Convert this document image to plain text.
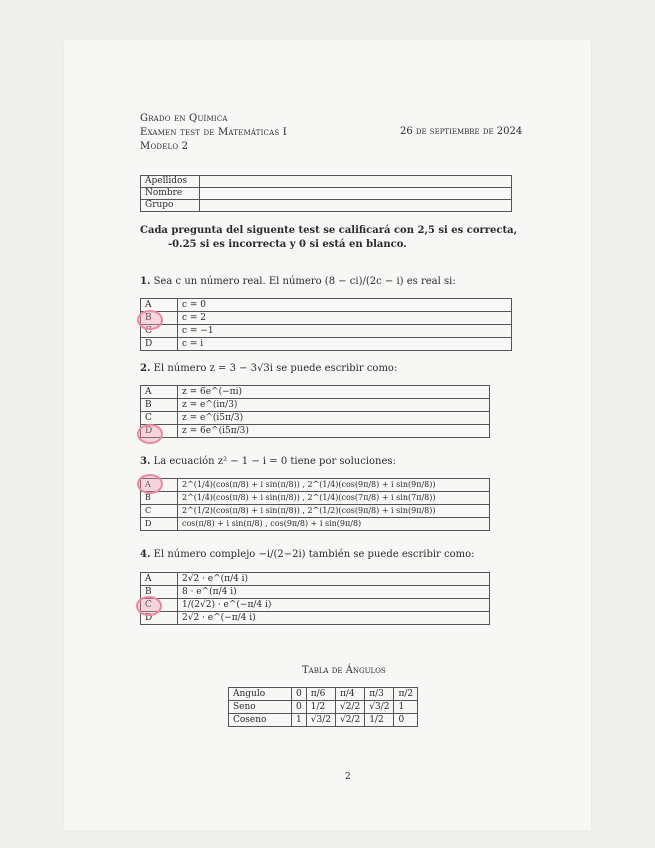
Grado en Química
Examen test de Matemáticas I
Modelo 2
26 de septiembre de 2024
Apellidos	
Nombre	
Grupo	
Cada pregunta del siguente test se calificará con 2,5 si es correcta,
-0.25 si es incorrecta y 0 si está en blanco.
1. Sea c un número real. El número (8 − ci)/(2c − i) es real si:
A	c = 0
B	c = 2
C	c = −1
D	c = i
2. El número z = 3 − 3√3i se puede escribir como:
A	z = 6e^(−πi)
B	z = e^(iπ/3)
C	z = e^(i5π/3)
D	z = 6e^(i5π/3)
3. La ecuación z² − 1 − i = 0 tiene por soluciones:
A	2^(1/4)(cos(π/8) + i sin(π/8)) , 2^(1/4)(cos(9π/8) + i sin(9π/8))
B	2^(1/4)(cos(π/8) + i sin(π/8)) , 2^(1/4)(cos(7π/8) + i sin(7π/8))
C	2^(1/2)(cos(π/8) + i sin(π/8)) , 2^(1/2)(cos(9π/8) + i sin(9π/8))
D	cos(π/8) + i sin(π/8) , cos(9π/8) + i sin(9π/8)
4. El número complejo −i/(2−2i) también se puede escribir como:
A	2√2 · e^(π/4 i)
B	8 · e^(π/4 i)
C	1/(2√2) · e^(−π/4 i)
D	2√2 · e^(−π/4 i)
Tabla de Ángulos
Ángulo	0	π/6	π/4	π/3	π/2
Seno	0	1/2	√2/2	√3/2	1
Coseno	1	√3/2	√2/2	1/2	0
2
